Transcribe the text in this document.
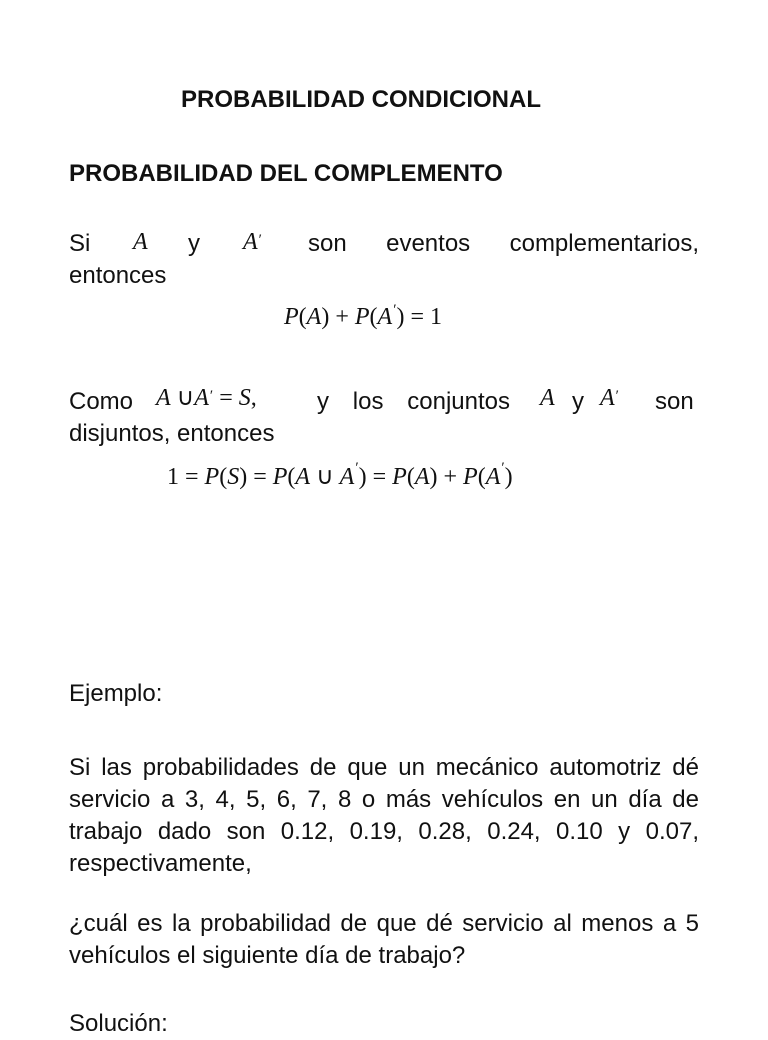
PROBABILIDAD CONDICIONAL
PROBABILIDAD DEL COMPLEMENTO
Si A y A′ son eventos complementarios,
entonces
P(A) + P(A′) = 1
Como A ∪A′ = S,	y los conjuntos A y A′ son
disjuntos, entonces
1 = P(S) = P(A ∪ A′) = P(A) + P(A′)
Ejemplo:
Si las probabilidades de que un mecánico automotriz dé servicio a 3, 4, 5, 6, 7, 8 o más vehículos en un día de trabajo dado son 0.12, 0.19, 0.28, 0.24, 0.10 y 0.07, respectivamente,
¿cuál es la probabilidad de que dé servicio al menos a 5 vehículos el siguiente día de trabajo?
Solución:
